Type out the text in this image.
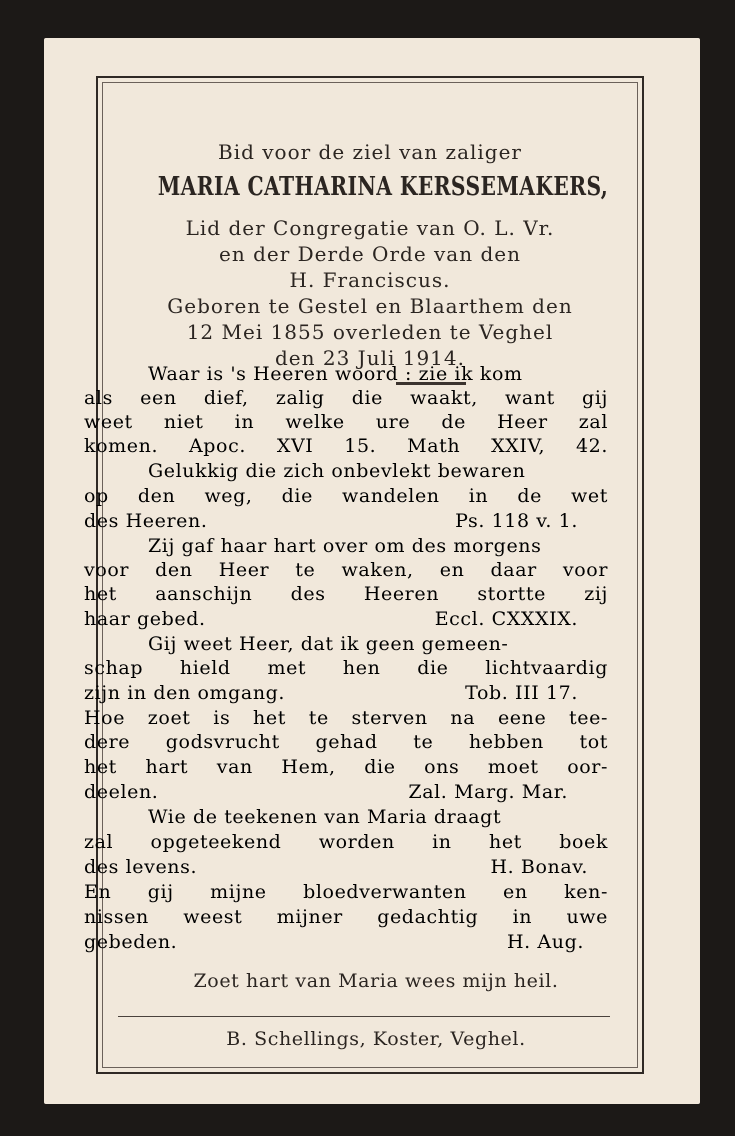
Bid voor de ziel van zaliger
MARIA CATHARINA KERSSEMAKERS,
Lid der Congregatie van O. L. Vr.
en der Derde Orde van den
H. Franciscus.
Geboren te Gestel en Blaarthem den
12 Mei 1855 overleden te Veghel
den 23 Juli 1914.
Waar is 's Heeren woord : zie ik kom
als een dief, zalig die waakt, want gij
weet niet in welke ure de Heer zal
komen. Apoc. XVI 15. Math XXIV, 42.
Gelukkig die zich onbevlekt bewaren
op den weg, die wandelen in de wet
des Heeren.	Ps. 118 v. 1.
Zij gaf haar hart over om des morgens
voor den Heer te waken, en daar voor
het aanschijn des Heeren stortte zij
haar gebed.	Eccl. CXXXIX.
Gij weet Heer, dat ik geen gemeen-
schap hield met hen die lichtvaardig
zijn in den omgang.	Tob. III 17.
Hoe zoet is het te sterven na eene tee-
dere godsvrucht gehad te hebben tot
het hart van Hem, die ons moet oor-
deelen.	Zal. Marg. Mar.
Wie de teekenen van Maria draagt
zal opgeteekend worden in het boek
des levens.	H. Bonav.
En gij mijne bloedverwanten en ken-
nissen weest mijner gedachtig in uwe
gebeden.	H. Aug.
Zoet hart van Maria wees mijn heil.
B. Schellings, Koster, Veghel.
